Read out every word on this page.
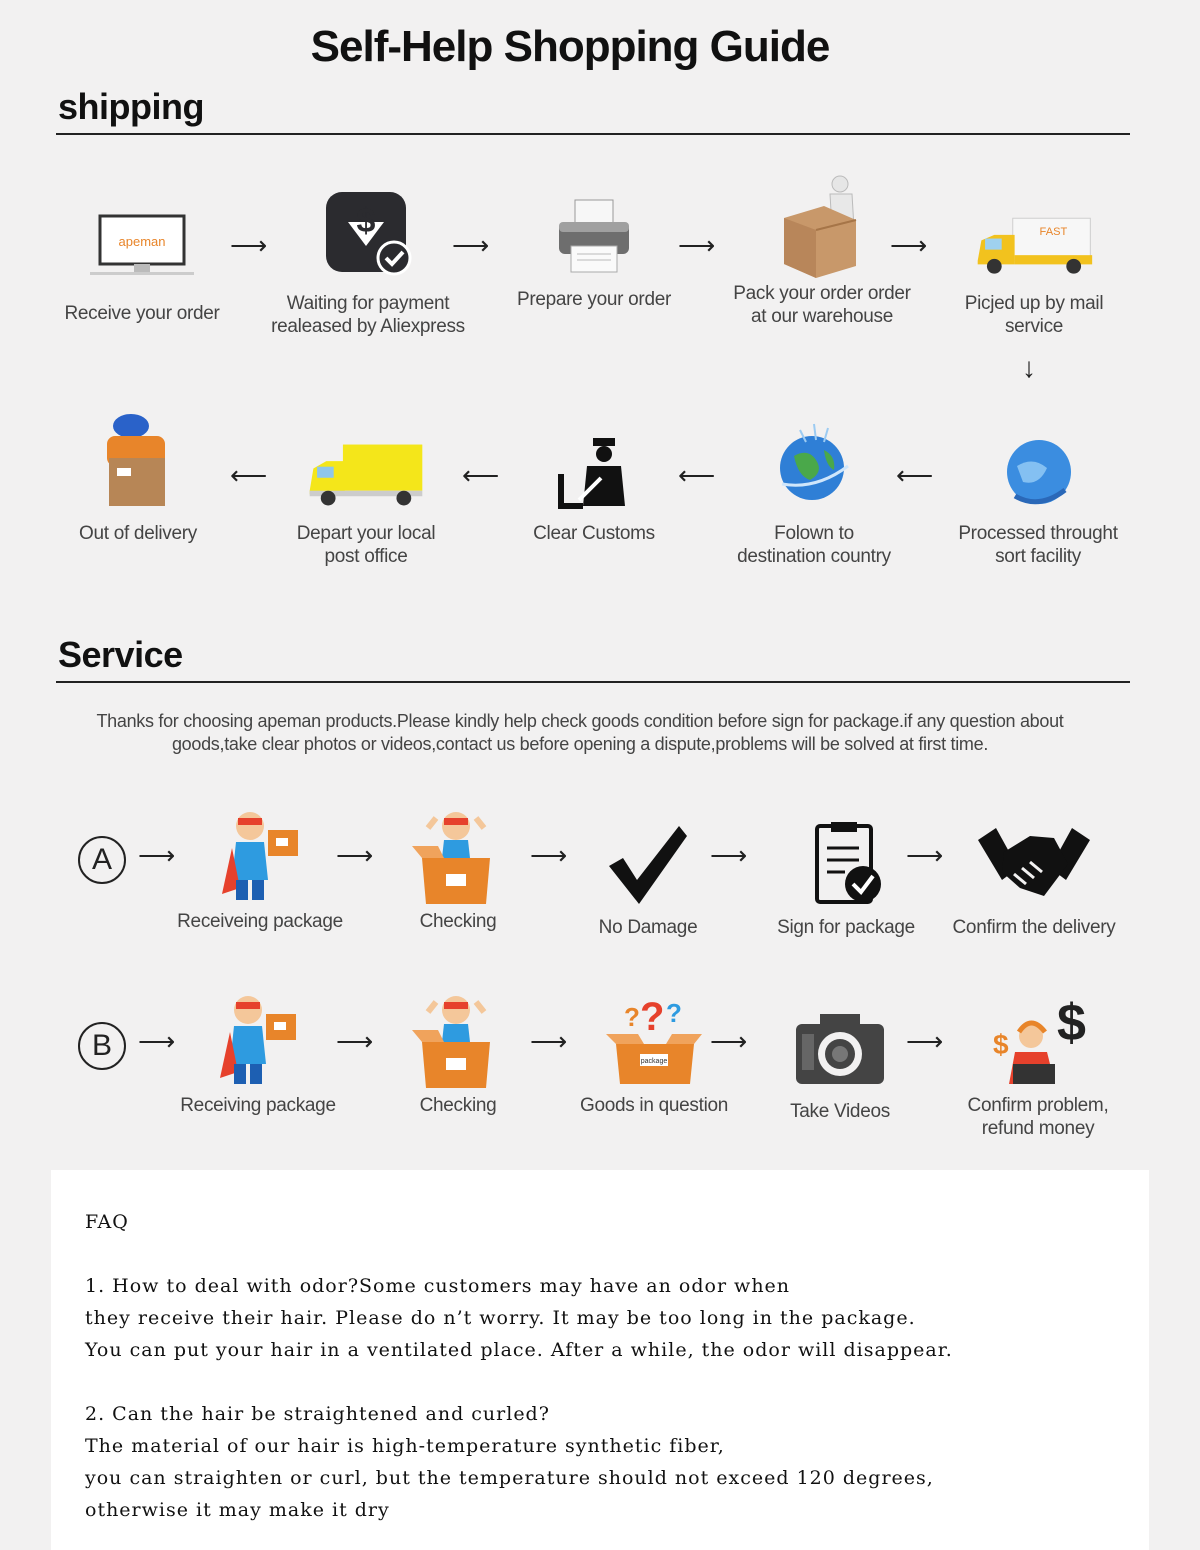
Self-Help Shopping Guide
shipping
apeman
Receive your order
⟶
$
Waiting for payment
realeased by Aliexpress
⟶
Prepare your order
⟶
Pack your order order
at our warehouse
⟶	FAST
Picjed up by mail service
↓
Out of delivery
⟵
Depart your local
post office
⟵
Clear Customs
⟵
Folown to
destination country
⟵
Processed throught
sort facility
Service
Thanks for choosing apeman products.Please kindly help check goods condition before sign for package.if any question about
goods,take clear photos or videos,contact us before opening a dispute,problems will be solved at first time.
A	⟶
Receiveing package
⟶
Checking
⟶
No Damage
⟶
Sign for package
⟶
Confirm the delivery
B	⟶
Receiving package
⟶
Checking
⟶
? ? ?
package
Goods in question
⟶
Take Videos
⟶ $
$
Confirm problem,
refund money

FAQ

1. How to deal with odor?Some customers may have an odor when

they receive their hair. Please do n’t worry. It may be too long in the package.

You can put your hair in a ventilated place. After a while, the odor will disappear.

2. Can the hair be straightened and curled?

The material of our hair is high-temperature synthetic fiber,

you can straighten or curl, but the temperature should not exceed 120 degrees,

otherwise it may make it dry
